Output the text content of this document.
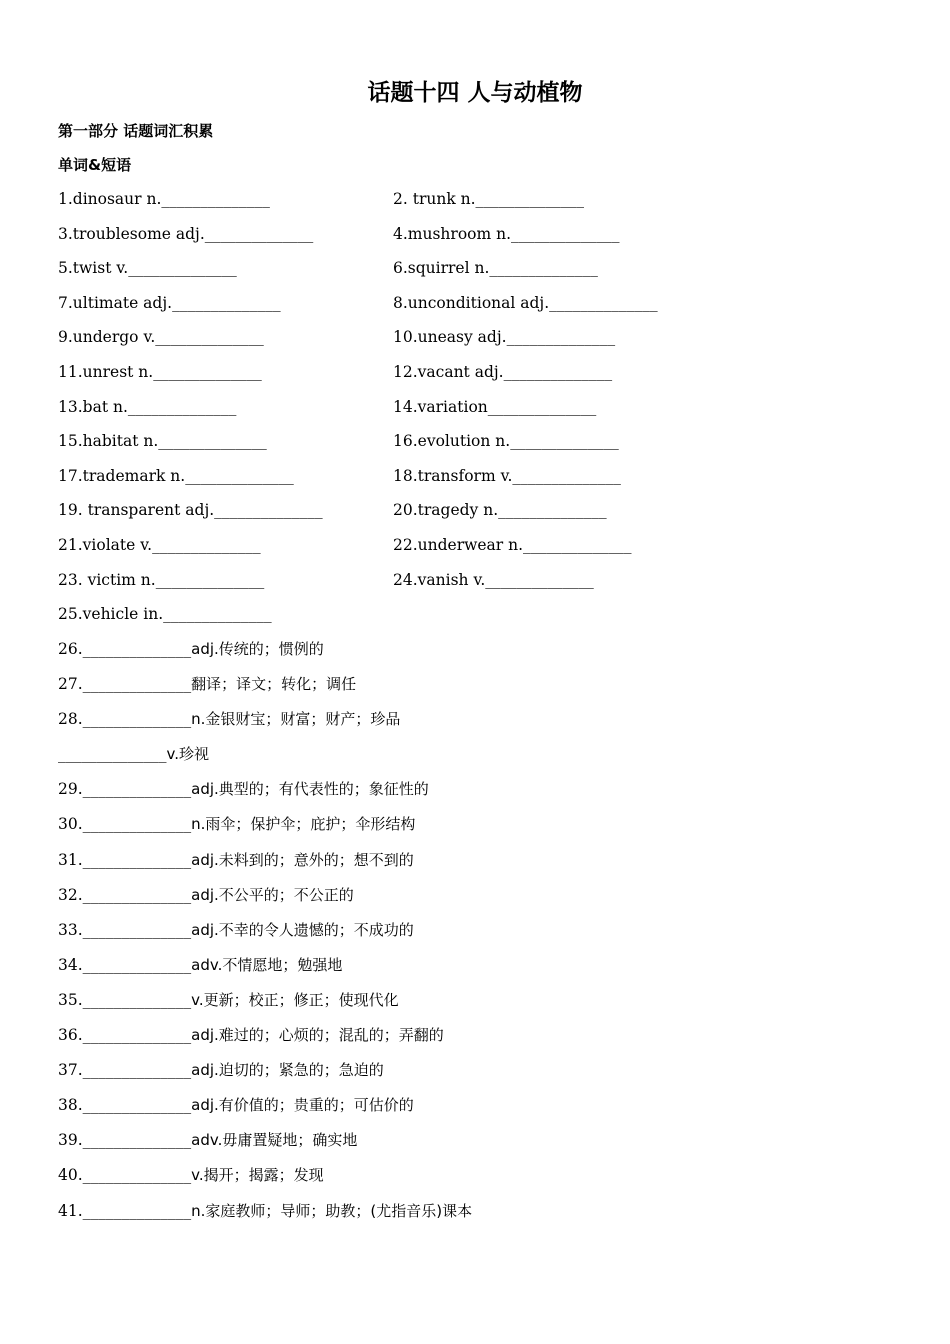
话题十四 人与动植物
第一部分 话题词汇积累
单词&短语
1.dinosaur n.______________	2. trunk n.______________
3.troublesome adj.______________	4.mushroom n.______________
5.twist v.______________	6.squirrel n.______________
7.ultimate adj.______________	8.unconditional adj.______________
9.undergo v.______________	10.uneasy adj.______________
11.unrest n.______________	12.vacant adj.______________
13.bat n.______________	14.variation______________
15.habitat n.______________	16.evolution n.______________
17.trademark n.______________	18.transform v.______________
19. transparent adj.______________	20.tragedy n.______________
21.violate v.______________	22.underwear n.______________
23. victim n.______________	24.vanish v.______________
25.vehicle in.______________
26.______________adj.传统的；惯例的
27.______________翻译；译文；转化；调任
28.______________n.金银财宝；财富；财产；珍品
______________v.珍视
29.______________adj.典型的；有代表性的；象征性的
30.______________n.雨伞；保护伞；庇护；伞形结构
31.______________adj.未料到的；意外的；想不到的
32.______________adj.不公平的；不公正的
33.______________adj.不幸的令人遗憾的；不成功的
34.______________adv.不情愿地；勉强地
35.______________v.更新；校正；修正；使现代化
36.______________adj.难过的；心烦的；混乱的；弄翻的
37.______________adj.迫切的；紧急的；急迫的
38.______________adj.有价值的；贵重的；可估价的
39.______________adv.毋庸置疑地；确实地
40.______________v.揭开；揭露；发现
41.______________n.家庭教师；导师；助教；(尤指音乐)课本
